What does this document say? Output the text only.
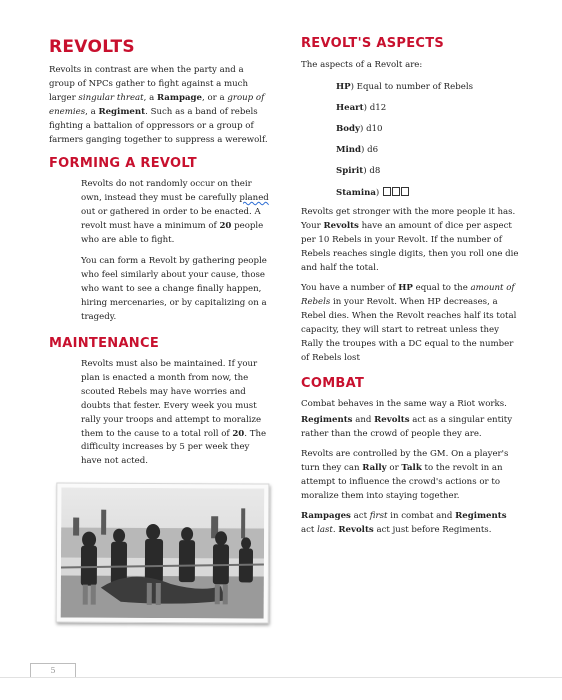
REVOLTS

Revolts in contrast are when the party and a group of NPCs gather to fight against a much larger singular threat, a Rampage, or a group of enemies, a Regiment. Such as a band of rebels fighting a battalion of oppressors or a group of farmers ganging together to suppress a werewolf.

FORMING A REVOLT

Revolts do not randomly occur on their own, instead they must be carefully planed out or gathered in order to be enacted. A revolt must have a minimum of 20 people who are able to fight.

You can form a Revolt by gathering people who feel similarly about your cause, those who want to see a change finally happen, hiring mercenaries, or by capitalizing on a tragedy.

MAINTENANCE

Revolts must also be maintained. If your plan is enacted a month from now, the scouted Rebels may have worries and doubts that fester. Every week you must rally your troops and attempt to moralize them to the cause to a total roll of 20. The difficulty increases by 5 per week they have not acted.

REVOLT'S ASPECTS

The aspects of a Revolt are:

HP) Equal to number of Rebels
Heart) d12
Body) d10
Mind) d6
Spirit) d8
Stamina)

Revolts get stronger with the more people it has. Your Revolts have an amount of dice per aspect per 10 Rebels in your Revolt. If the number of Rebels reaches single digits, then you roll one die and half the total.

You have a number of HP equal to the amount of Rebels in your Revolt. When HP decreases, a Rebel dies. When the Revolt reaches half its total capacity, they will start to retreat unless they Rally the troupes with a DC equal to the number of Rebels lost

COMBAT

Combat behaves in the same way a Riot works.

Regiments and Revolts act as a singular entity rather than the crowd of people they are.

Revolts are controlled by the GM. On a player's turn they can Rally or Talk to the revolt in an attempt to influence the crowd's actions or to moralize them into staying together.

Rampages act first in combat and Regiments act last. Revolts act just before Regiments.

5
